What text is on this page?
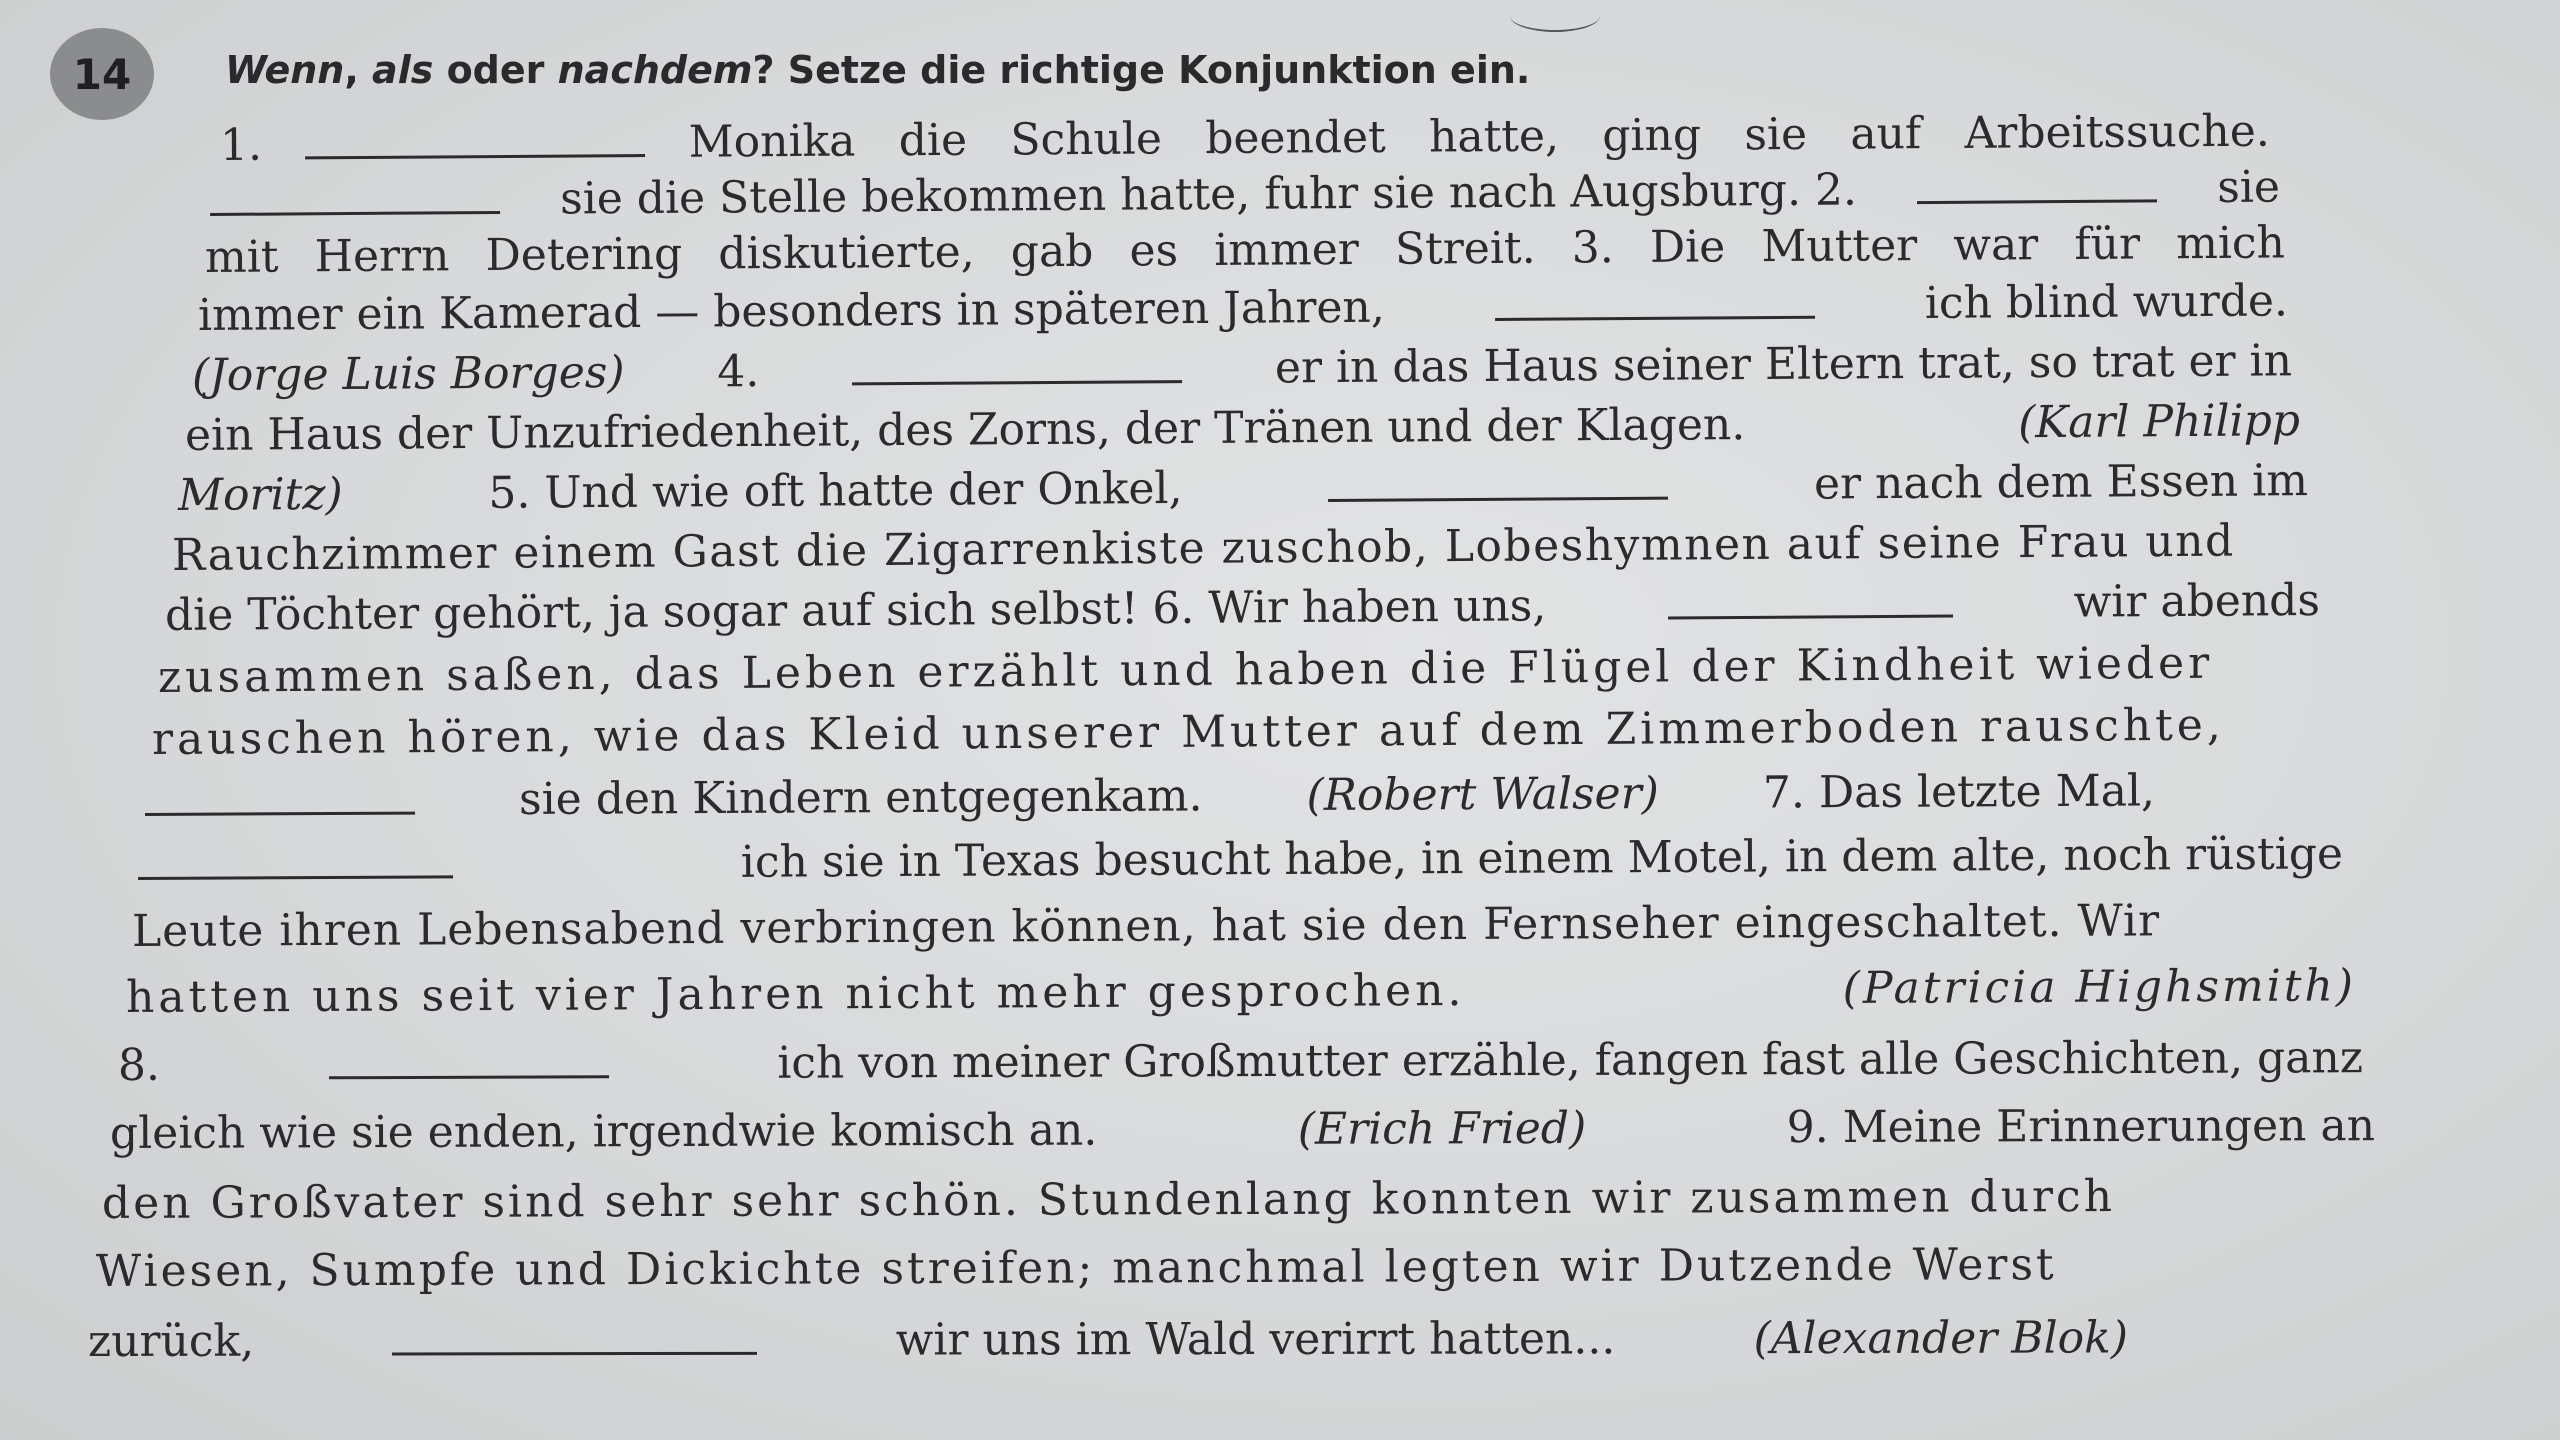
14 Wenn, als oder nachdem? Setze die richtige Konjunktion ein.
1.	Monika die Schule beendet hatte, ging sie auf Arbeitssuche.
sie die Stelle bekommen hatte, fuhr sie nach Augsburg. 2.	sie
mit Herrn Detering diskutierte, gab es immer Streit. 3. Die Mutter war für mich
immer ein Kamerad — besonders in späteren Jahren,	ich blind wurde.
(Jorge Luis Borges) 4.	er in das Haus seiner Eltern trat, so trat er in
ein Haus der Unzufriedenheit, des Zorns, der Tränen und der Klagen.	(Karl Philipp
Moritz)	5. Und wie oft hatte der Onkel,	er nach dem Essen im
Rauchzimmer einem Gast die Zigarrenkiste zuschob, Lobeshymnen auf seine Frau und
die Töchter gehört, ja sogar auf sich selbst! 6. Wir haben uns,	wir abends
zusammen saßen, das Leben erzählt und haben die Flügel der Kindheit wieder
rauschen hören, wie das Kleid unserer Mutter auf dem Zimmerboden rauschte,
sie den Kindern entgegenkam. (Robert Walser) 7. Das letzte Mal,
ich sie in Texas besucht habe, in einem Motel, in dem alte, noch rüstige
Leute ihren Lebensabend verbringen können, hat sie den Fernseher eingeschaltet. Wir
hatten uns seit vier Jahren nicht mehr gesprochen.	(Patricia Highsmith)
8.	ich von meiner Großmutter erzähle, fangen fast alle Geschichten, ganz
gleich wie sie enden, irgendwie komisch an.	(Erich Fried)	9. Meine Erinnerungen an
den Großvater sind sehr sehr schön. Stundenlang konnten wir zusammen durch
Wiesen, Sumpfe und Dickichte streifen; manchmal legten wir Dutzende Werst
zurück,	wir uns im Wald verirrt hatten...	(Alexander Blok)
